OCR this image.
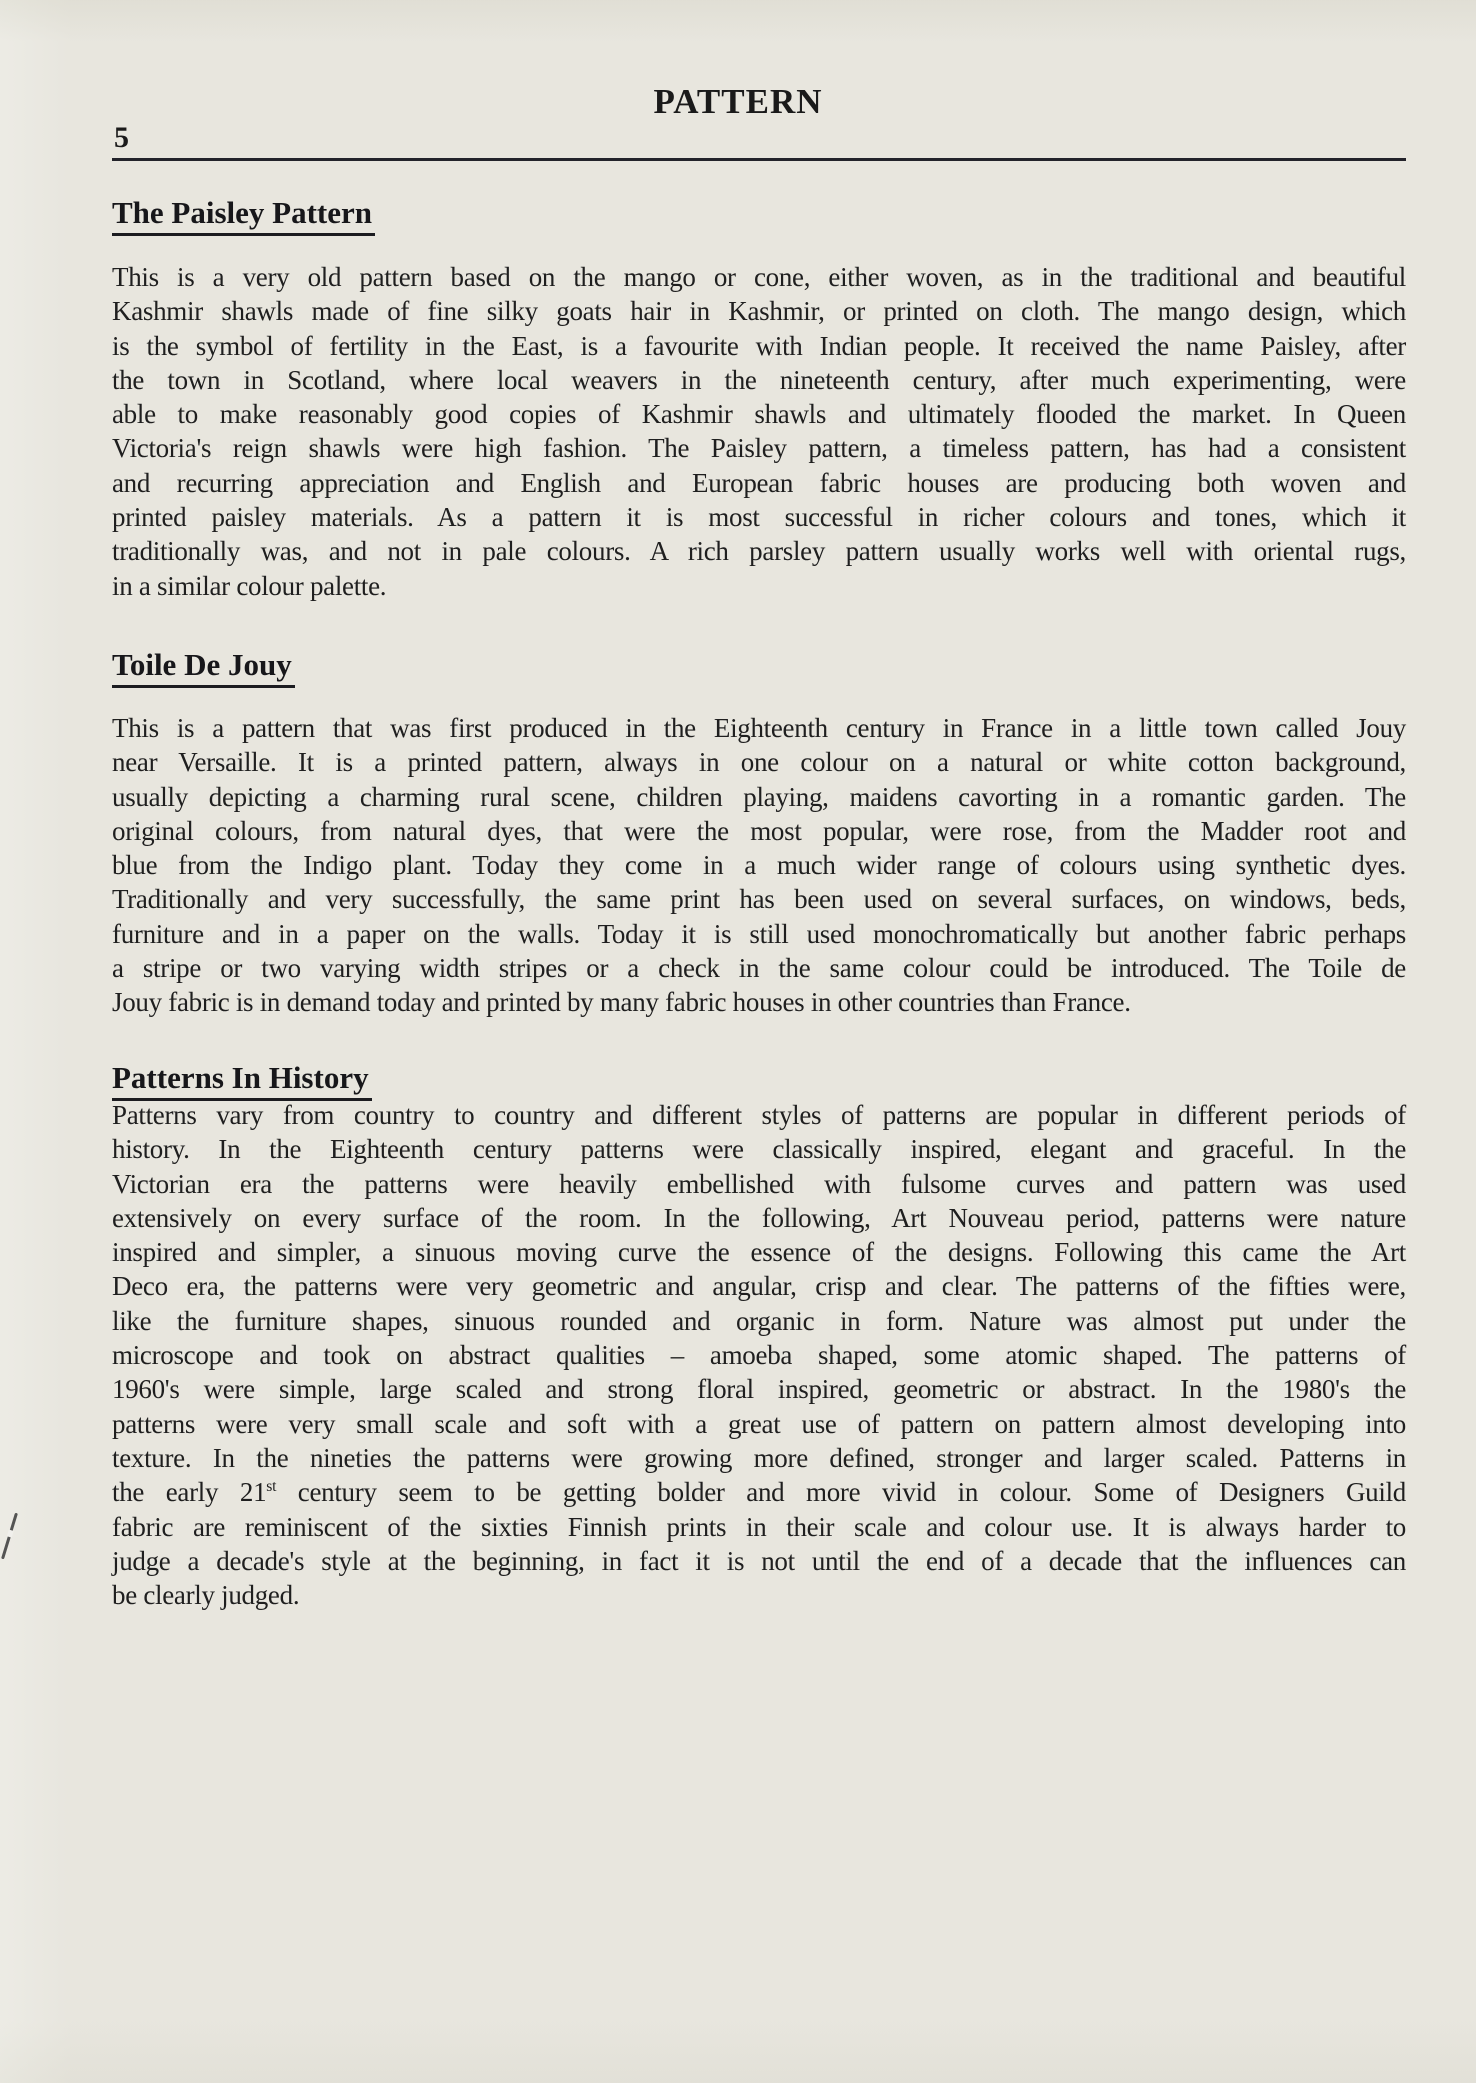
PATTERN
5
The Paisley Pattern
This is a very old pattern based on the mango or cone, either woven, as in the traditional and beautiful
Kashmir shawls made of fine silky goats hair in Kashmir, or printed on cloth. The mango design, which
is the symbol of fertility in the East, is a favourite with Indian people. It received the name Paisley, after
the town in Scotland, where local weavers in the nineteenth century, after much experimenting, were
able to make reasonably good copies of Kashmir shawls and ultimately flooded the market. In Queen
Victoria's reign shawls were high fashion. The Paisley pattern, a timeless pattern, has had a consistent
and recurring appreciation and English and European fabric houses are producing both woven and
printed paisley materials. As a pattern it is most successful in richer colours and tones, which it
traditionally was, and not in pale colours. A rich parsley pattern usually works well with oriental rugs,
in a similar colour palette.
Toile De Jouy
This is a pattern that was first produced in the Eighteenth century in France in a little town called Jouy
near Versaille. It is a printed pattern, always in one colour on a natural or white cotton background,
usually depicting a charming rural scene, children playing, maidens cavorting in a romantic garden. The
original colours, from natural dyes, that were the most popular, were rose, from the Madder root and
blue from the Indigo plant. Today they come in a much wider range of colours using synthetic dyes.
Traditionally and very successfully, the same print has been used on several surfaces, on windows, beds,
furniture and in a paper on the walls. Today it is still used monochromatically but another fabric perhaps
a stripe or two varying width stripes or a check in the same colour could be introduced. The Toile de
Jouy fabric is in demand today and printed by many fabric houses in other countries than France.
Patterns In History
Patterns vary from country to country and different styles of patterns are popular in different periods of
history. In the Eighteenth century patterns were classically inspired, elegant and graceful. In the
Victorian era the patterns were heavily embellished with fulsome curves and pattern was used
extensively on every surface of the room. In the following, Art Nouveau period, patterns were nature
inspired and simpler, a sinuous moving curve the essence of the designs. Following this came the Art
Deco era, the patterns were very geometric and angular, crisp and clear. The patterns of the fifties were,
like the furniture shapes, sinuous rounded and organic in form. Nature was almost put under the
microscope and took on abstract qualities – amoeba shaped, some atomic shaped. The patterns of
1960's were simple, large scaled and strong floral inspired, geometric or abstract. In the 1980's the
patterns were very small scale and soft with a great use of pattern on pattern almost developing into
texture. In the nineties the patterns were growing more defined, stronger and larger scaled. Patterns in
the early 21st century seem to be getting bolder and more vivid in colour. Some of Designers Guild
fabric are reminiscent of the sixties Finnish prints in their scale and colour use. It is always harder to
judge a decade's style at the beginning, in fact it is not until the end of a decade that the influences can
be clearly judged.
